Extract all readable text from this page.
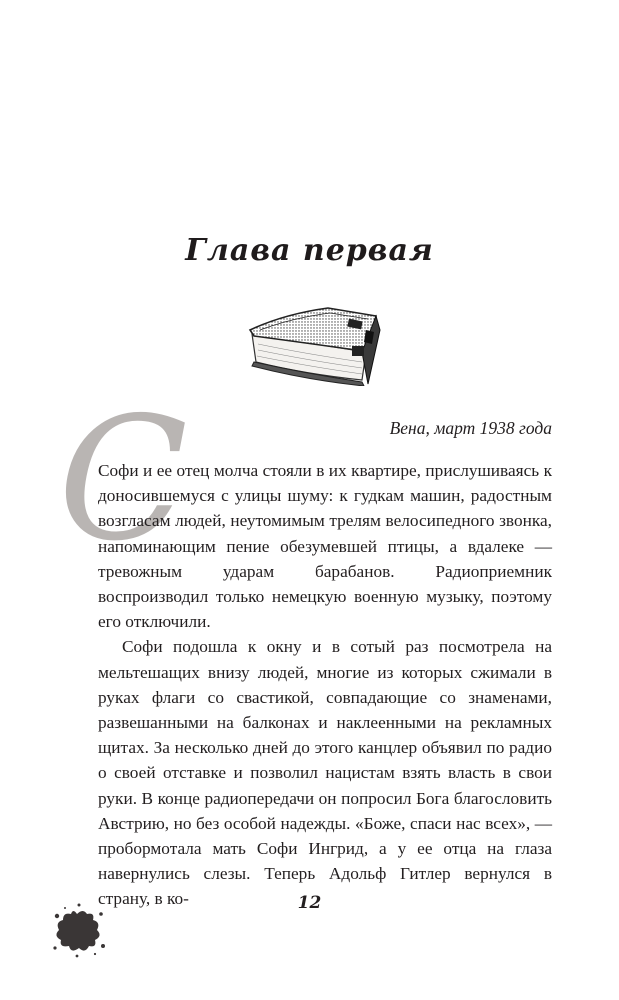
Глава первая
С	Вена, март 1938 года

Софи и ее отец молча стояли в их квартире, прислушиваясь к доносившемуся с улицы шуму: к гудкам машин, радостным возгласам людей, неутомимым трелям велосипедного звонка, напоминающим пение обезумевшей птицы, а вдалеке — тревожным ударам барабанов. Радиоприемник воспроизводил только немецкую военную музыку, поэтому его отключили.

Софи подошла к окну и в сотый раз посмотрела на мельтешащих внизу людей, многие из которых сжимали в руках флаги со свастикой, совпадающие со знаменами, развешанными на балконах и наклеенными на рекламных щитах. За несколько дней до этого канцлер объявил по радио о своей отставке и позволил нацистам взять власть в свои руки. В конце радиопередачи он попросил Бога благословить Австрию, но без особой надежды. «Боже, спаси нас всех», —пробормотала мать Софи Ингрид, а у ее отца на глаза навернулись слезы. Теперь Адольф Гитлер вернулся в страну, в ко-	12
